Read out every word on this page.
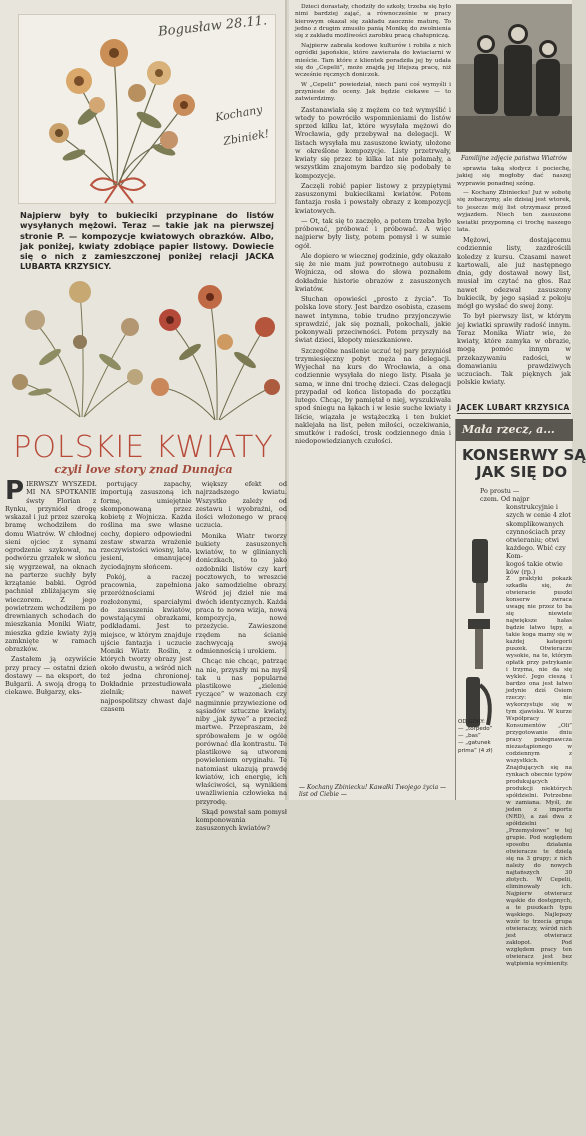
Bogusław 28.11.
Kochany
Zbiniek!
Najpierw były to bukieciki przypinane do listów wysyłanych mężowi. Teraz — takie jak na pierwszej stronie P. — kompozycje kwiatowych obrazków. Albo, jak poniżej, kwiaty zdobiące papier listowy. Dowiecie się o nich z zamieszczonej poniżej relacji JACKA LUBARTA KRZYSICY.
POLSKIE KWIATY
czyli love story znad Dunajca
P IERWSZY WYSZEDŁ MI NA SPOTKANIE śwsty Florian z Rynku, przyniósł drogę wskazał i już przez szeroką bramę wchodziłem do domu Wiatrów. W chłodnej sieni ojciec z synami ogrodzenie szykował, na podwórzu grzałek w słońcu się wygrzewał, na oknach na parterze suchły były krzątanie babki. Ogród pachniał zbliżającym się wieczorem. Z jego powietrzem wchodziłem po drewnianych schodach do mieszkania Moniki Wiatr, mieszka gdzie kwiaty żyją zamknięte w ramach obrazków.

Zastałem ją ozywiście przy pracy — ostatni dzień dostawy — na eksport, do Bułgarii. A swoją drogą to ciekawe. Bułgarzy, eks-

portujący zapachy, importują zasuszoną ich formę, umiejętnie skomponowaną przez kobietę z Wojnicza. Każda roślina ma swe własne cechy, dopiero odpowiedni zestaw stwarza wrażenie rzeczywistości wiosny, lata, jesieni, emanującej życiodajnym słońcem.

Pokój, a raczej pracownia, zapełniona przeróżnościami rozłożonymi, sparciałymi do zasuszenia kwiatów, powstającymi obrazkami, podkładami. Jest to miejsce, w którym znajduje ujście fantazja i uczucie Moniki Wiatr. Roślin, z których tworzy obrazy jest około dwustu, a wśród nich też jedna chronionej. Dokładnie przestudiowała zielnik; nawet najpospolitszy chwast daje czasem

większy efekt od najrzadszego kwiatu. Wszystko zależy od zestawu i wyobraźni, od ilości włożonego w pracę uczucia.

Monika Wiatr tworzy bukiety zasuszonych kwiatów, to w glinianych doniczkach, to jako ozdobniki listów czy kart pocztowych, to wreszcie jako samodzielne obrazy. Wśród jej dzieł nie ma dwóch identycznych. Każda praca to nowa wizja, nowa kompozycja, nowe przeżycie. Zawieszone rzędem na ścianie zachwycają swoją odmiennością i urokiem.

Chcąc nie chcąc, patrząc na nie, przyszły mi na myśl tak u nas popularne plastikowe „zielenie ryczące” w wazonach czy nagminnie przywiezione od sąsiadów sztuczne kwiaty, niby „jak żywe” a przecież martwe. Przepraszam, że spróbowałem je w ogóle porównać dla kontrastu. Te plastikowe są utworem powieleniem oryginału. Te natomiast ukazują prawdę kwiatów, ich energię, ich właściwości, są wynikiem uważliwienia człowieka na przyrodę.

Skąd powstał sam pomysł komponowania zasuszonych kwiatów?

Dzieci dorastały, chodziły do szkoły, trzeba się było nimi bardziej zająć, a równocześnie w pracy kierowym okazał się zakładu zaocznie maturę. To jedno z drugim zmusiło panią Monikę do zwolnienia się z zakładu możliwości zarobku pracą chałupniczą.

Najpierw zabrała kodowe kulturów i robiła z nich ogródki japońskie, które zawierała do kwiaciarni w mieście. Tam które z klientek poradziła jej by udała się do „Cepelii”, może znajdą jej litejszą pracę, niż wcześnie ręcznych doniczek.

W „Cepelii” powiedział, niech pani coś wymyśli i przyniesie do oceny. Jak będzie ciekawe — to zatwierdzimy.

Zastanawiała się z mężem co też wymyślić i wtedy to powróciło wspomnieniami do listów sprzed kilku lat, które wysyłała mężowi do Wrocławia, gdy przebywał na delegacji. W listach wysyłała mu zasuszone kwiaty, ułożone w określone kompozycje. Listy przetrwały, kwiaty się przez te kilka lat nie połamały, a wszystkim znajomym bardzo się podobały te kompozycje.

Zaczęli robić papier listowy z przypiętymi zasuszonymi bukiecikami kwiatów. Potem fantazja rosła i powstały obrazy z kompozycji kwiatowych.

— Ot, tak się to zaczęło, a potem trzeba było próbować, próbować i próbować. A więc najpierw były listy, potem pomysł i w sumie ogół.

Ale dopiero w wiecznej godzinie, gdy okazało się że nie mam już powrotnego autobusu z Wojnicza, od słowa do słowa poznałem dokładnie historie obrazów z zasuszonych kwiatów.

Słuchan opowieści „prosto z życia”. To polska love story. Jest bardzo osobista, czasem nawet intymna, tobie trudno przyjonczywie sprawdzić, jak się poznali, pokochali, jakie pokonywali przeciwności. Potem przyszły na świat dzieci, kłopoty mieszkaniowe.

Szczególne nasilenie uczuć tej pary przyniósł trzymiesięczny pobyt męża na delegacji. Wyjechał na kurs do Wrocławia, a ona codziennie wysyłała do niego listy. Pisała je sama, w inne dni trochę dzieci. Czas delegacji przypadał od końca listopada do początku lutego. Chcąc, by pamiętał o niej, wyszukiwała spod śniegu na łąkach i w lesie suche kwiaty i liście, wiązała je wstążeczką i ten bukiet naklejała na list, pełen miłości, oczekiwania, smutków i radości, trosk codziennego dnia i niedopowiedzianych czułości.

— Kochany Zbiniecku! Kawałki Twojego życia — list od Ciebie —
Familijne zdjęcie państwa Wiatrów

sprawia taką słodycz i pociechę, jakiej się mogłoby dać naszej wyprawie ponadnej szóng.

— Kochany Zbiniecku! Już w sobotę się zobaczymy, ale dzisiaj jest wtorek, to jeszcze mój list otrzymasz przed wyjazdem. Niech ten zasuszone kwiatki przypomną ci trochę naszego lata.

Mężowi, dostającemu codziennie listy, zazdrościli koledzy z kursu. Czasami nawet kartowali, ale już następnego dnia, gdy dostawał nowy list, musiał im czytać na głos. Raz nawet odezwał zasuszony bukiecik, by jego sąsiad z pokoju mógł go wysłać do swej żony.

To był pierwszy list, w którym jej kwiatki sprawiły radość innym. Teraz Monika Wiatr wie, że kwiaty, które zamyka w obrazie, mogą pomóc innym w przekazywaniu radości, w domawianiu prawdziwych uczuciach. Tak pięknych jak polskie kwiaty.

JACEK LUBART KRZYSICA
Mała rzecz, a...
KONSERWY SĄ
JAK SIĘ DO
Po prostu —
czem. Od najpr
konstrukcyjnie i
szych w cenie 4 złot
skomplikowanych
czynnościach przy
otwieraniu; otwi
każdego. Wbić czy
Kom-
kogoś takie otwie
ków (rp.)
Z praktyki pokazk szkadła się, że otwieracie puszki konserw zwraca uwagę nie przez to ba się niewiele największe hałas bądzie latwo tępy, a takie koga mamy się w każdej kategorii puszek. Otwieracze wysokie, na te, którym opłatk przy pstrykanie i trzyma, nie da się wykleć. Jego cieszą i bardzo ona jest łatwo jedynie dziś Osiem rzeczy: nie wykorzystuje się w tym zjawisku. W kurze Współpracy Konsumentów „Oli” przygotowanie dniu pracy pożegnawcza niezastąpionego w codziennym z wszystkich. Znajdujących się na rynkach obecnie typów produkujących produkcji niektórych spółdzielni. Potrzebne w zamiana. Myśl, że jeden z importu (NRD), a zaś dwa z spółdzielni „Przemysłowe” w tej grupie. Pod względem sposobu działania otwieracze te dzielą się na 3 grupy; z nich należy do nowych najtańszych 30 złotych. W Cepelii, eliminowały ich. Najpierw otwieracz wąskie do dostępnych, a te puszkach typu wąskiego. Najlepszy wzór to trzecia grupa otwieraczy, wśród nich jest otwieracz zakłopot. Pod względem pracy ten otwieracz jest bez wątpienia wyśmienity.
OD GÓRY:
— „torpedo”
— „bas”
— „gatunek
prima” (4 zł)
